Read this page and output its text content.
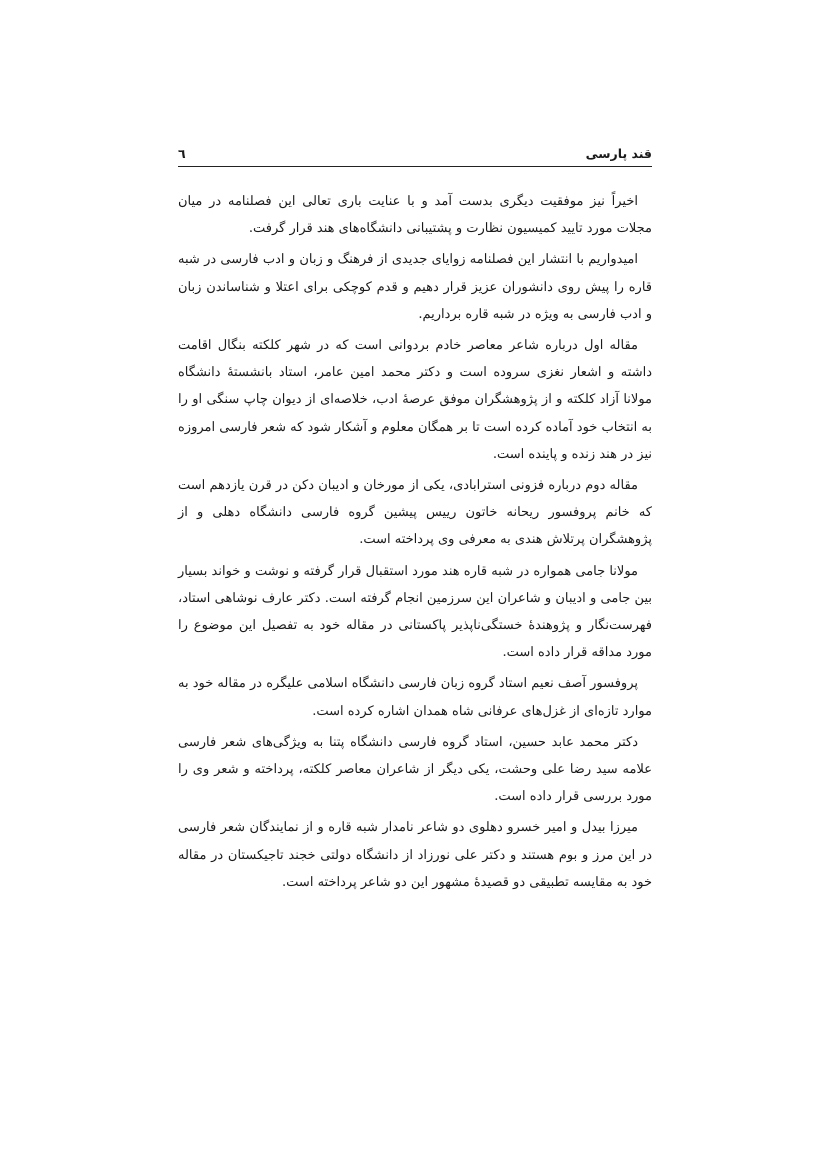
قند پارسی
٦

اخیراً نیز موفقیت دیگری بدست آمد و با عنایت باری تعالی این فصلنامه در میان مجلات مورد تایید کمیسیون نظارت و پشتیبانی دانشگاه‌های هند قرار گرفت.

امیدواریم با انتشار این فصلنامه زوایای جدیدی از فرهنگ و زبان و ادب فارسی در شبه قاره را پیش روی دانشوران عزیز قرار دهیم و قدم کوچکی برای اعتلا و شناساندن زبان و ادب فارسی به ویژه در شبه قاره برداریم.

مقاله اول درباره شاعر معاصر خادم بردوانی است که در شهر کلکته بنگال اقامت داشته و اشعار نغزی سروده است و دکتر محمد امین عامر، استاد بانشستهٔ دانشگاه مولانا آزاد کلکته و از پژوهشگران موفق عرصهٔ ادب، خلاصه‌ای از دیوان چاپ سنگی او را به انتخاب خود آماده کرده است تا بر همگان معلوم و آشکار شود که شعر فارسی امروزه نیز در هند زنده و پاینده است.

مقاله دوم درباره فزونی استرابادی، یکی از مورخان و ادیبان دکن در قرن یازدهم است که خانم پروفسور ریحانه خاتون رییس پیشین گروه فارسی دانشگاه دهلی و از پژوهشگران پرتلاش هندی به معرفی وی پرداخته است.

مولانا جامی همواره در شبه قاره هند مورد استقبال قرار گرفته و نوشت و خواند بسیار بین جامی و ادیبان و شاعران این سرزمین انجام گرفته است. دکتر عارف نوشاهی استاد، فهرست‌نگار و پژوهندهٔ خستگی‌ناپذیر پاکستانی در مقاله خود به تفصیل این موضوع را مورد مداقه قرار داده است.

پروفسور آصف نعیم استاد گروه زبان فارسی دانشگاه اسلامی علیگره در مقاله خود به موارد تازه‌ای از غزل‌های عرفانی شاه همدان اشاره کرده است.

دکتر محمد عابد حسین، استاد گروه فارسی دانشگاه پتنا به ویژگی‌های شعر فارسی علامه سید رضا علی وحشت، یکی دیگر از شاعران معاصر کلکته، پرداخته و شعر وی را مورد بررسی قرار داده است.

میرزا بیدل و امیر خسرو دهلوی دو شاعر نامدار شبه قاره و از نمایندگان شعر فارسی در این مرز و بوم هستند و دکتر علی نورزاد از دانشگاه دولتی خجند تاجیکستان در مقاله خود به مقایسه تطبیقی دو قصیدهٔ مشهور این دو شاعر پرداخته است.
